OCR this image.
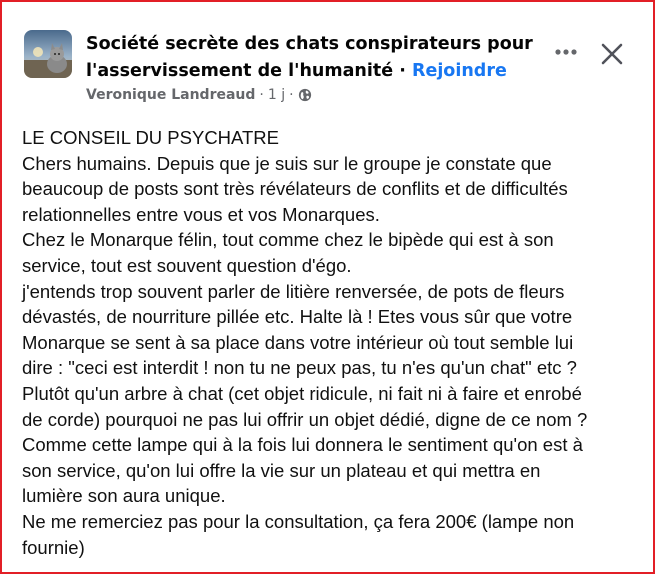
Société secrète des chats conspirateurs pour l'asservissement de l'humanité · Rejoindre
Veronique Landreaud · 1 j ·

LE CONSEIL DU PSYCHATRE

Chers humains. Depuis que je suis sur le groupe je constate que

beaucoup de posts sont très révélateurs de conflits et de difficultés

relationnelles entre vous et vos Monarques.

Chez le Monarque félin, tout comme chez le bipède qui est à son

service, tout est souvent question d'égo.

j'entends trop souvent parler de litière renversée, de pots de fleurs

dévastés, de nourriture pillée etc. Halte là ! Etes vous sûr que votre

Monarque se sent à sa place dans votre intérieur où tout semble lui

dire : "ceci est interdit ! non tu ne peux pas, tu n'es qu'un chat" etc ?

Plutôt qu'un arbre à chat (cet objet ridicule, ni fait ni à faire et enrobé

de corde) pourquoi ne pas lui offrir un objet dédié, digne de ce nom ?

Comme cette lampe qui à la fois lui donnera le sentiment qu'on est à

son service, qu'on lui offre la vie sur un plateau et qui mettra en

lumière son aura unique.

Ne me remerciez pas pour la consultation, ça fera 200€ (lampe non

fournie)
